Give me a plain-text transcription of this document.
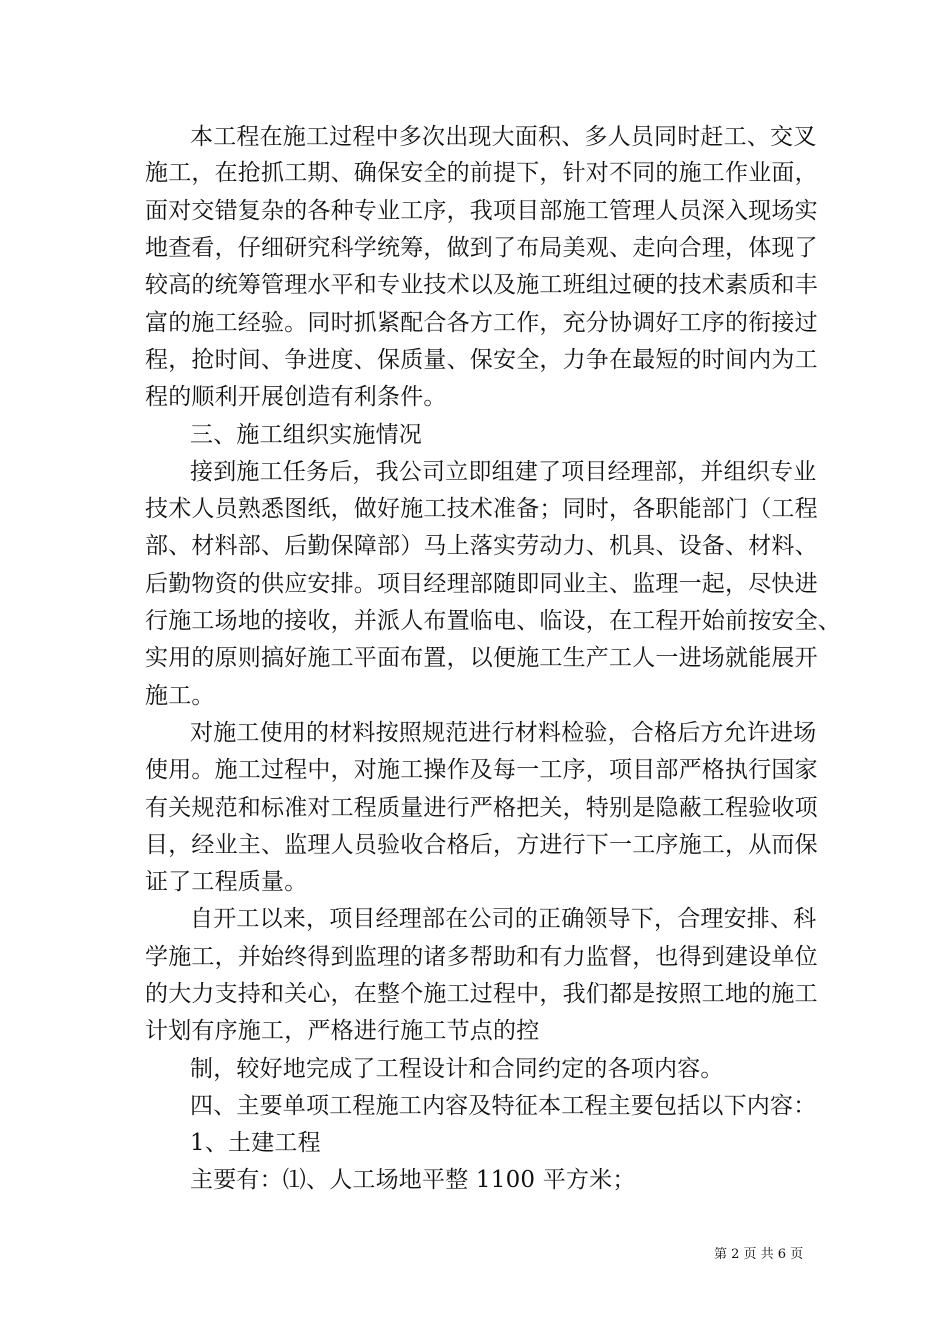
本工程在施工过程中多次出现大面积、多人员同时赶工、交叉
施工，在抢抓工期、确保安全的前提下，针对不同的施工作业面，
面对交错复杂的各种专业工序，我项目部施工管理人员深入现场实
地查看，仔细研究科学统筹，做到了布局美观、走向合理，体现了
较高的统筹管理水平和专业技术以及施工班组过硬的技术素质和丰
富的施工经验。同时抓紧配合各方工作，充分协调好工序的衔接过
程，抢时间、争进度、保质量、保安全，力争在最短的时间内为工
程的顺利开展创造有利条件。
三、施工组织实施情况
接到施工任务后，我公司立即组建了项目经理部，并组织专业
技术人员熟悉图纸，做好施工技术准备；同时，各职能部门（工程
部、材料部、后勤保障部）马上落实劳动力、机具、设备、材料、
后勤物资的供应安排。项目经理部随即同业主、监理一起，尽快进
行施工场地的接收，并派人布置临电、临设，在工程开始前按安全、
实用的原则搞好施工平面布置，以便施工生产工人一进场就能展开
施工。
对施工使用的材料按照规范进行材料检验，合格后方允许进场
使用。施工过程中，对施工操作及每一工序，项目部严格执行国家
有关规范和标准对工程质量进行严格把关，特别是隐蔽工程验收项
目，经业主、监理人员验收合格后，方进行下一工序施工，从而保
证了工程质量。
自开工以来，项目经理部在公司的正确领导下，合理安排、科
学施工，并始终得到监理的诸多帮助和有力监督，也得到建设单位
的大力支持和关心，在整个施工过程中，我们都是按照工地的施工
计划有序施工，严格进行施工节点的控
制，较好地完成了工程设计和合同约定的各项内容。
四、主要单项工程施工内容及特征本工程主要包括以下内容：
1、土建工程
主要有：⑴、人工场地平整 1100 平方米；
第 2 页 共 6 页
